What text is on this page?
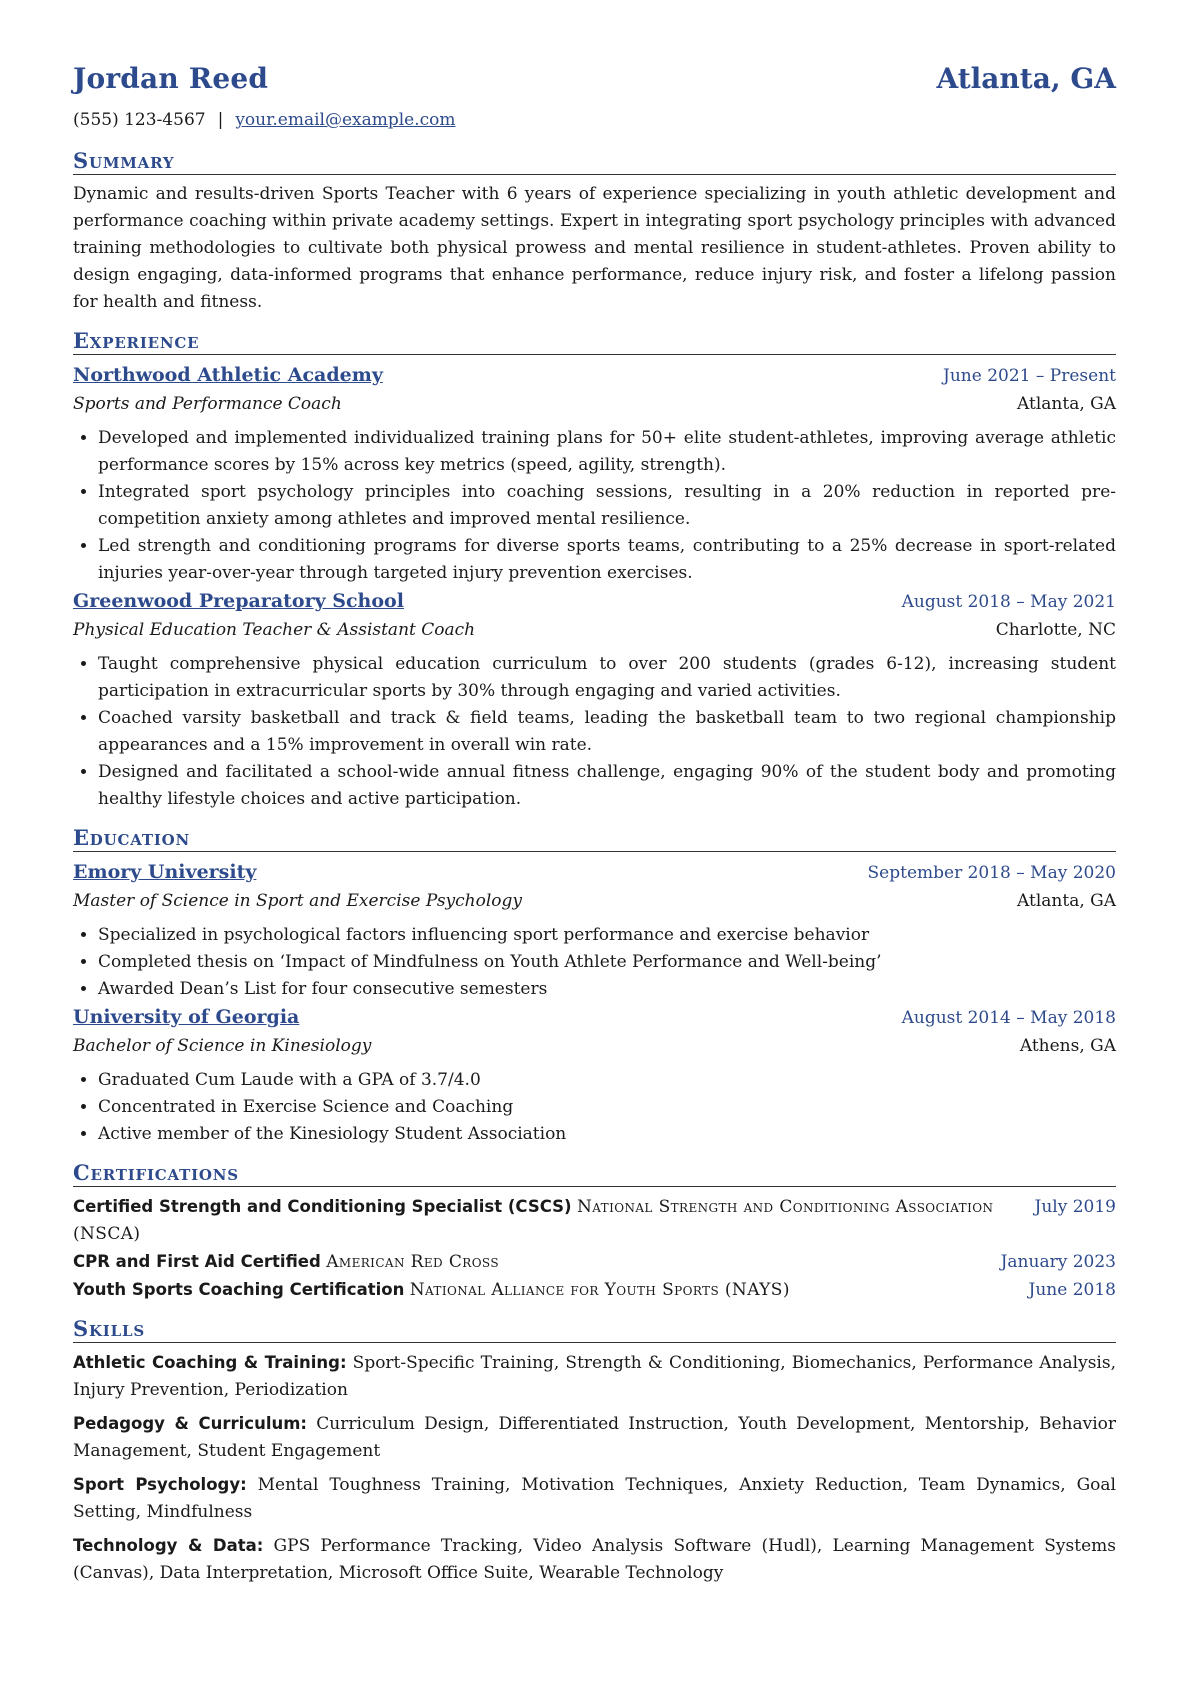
Jordan Reed	Atlanta, GA
(555) 123-4567 | your.email@example.com
Summary

Dynamic and results-driven Sports Teacher with 6 years of experience specializing in youth athletic development and performance coaching within private academy settings. Expert in integrating sport psychology principles with advanced training methodologies to cultivate both physical prowess and mental resilience in student-athletes. Proven ability to design engaging, data-informed programs that enhance performance, reduce injury risk, and foster a lifelong passion for health and fitness.

Experience
Northwood Athletic Academy	June 2021 – Present
Sports and Performance Coach	Atlanta, GA
• Developed and implemented individualized training plans for 50+ elite student-athletes, improving average athletic performance scores by 15% across key metrics (speed, agility, strength).
• Integrated sport psychology principles into coaching sessions, resulting in a 20% reduction in reported pre-competition anxiety among athletes and improved mental resilience.
• Led strength and conditioning programs for diverse sports teams, contributing to a 25% decrease in sport-related injuries year-over-year through targeted injury prevention exercises.
Greenwood Preparatory School	August 2018 – May 2021
Physical Education Teacher & Assistant Coach	Charlotte, NC
• Taught comprehensive physical education curriculum to over 200 students (grades 6-12), increasing student participation in extracurricular sports by 30% through engaging and varied activities.
• Coached varsity basketball and track & field teams, leading the basketball team to two regional championship appearances and a 15% improvement in overall win rate.
• Designed and facilitated a school-wide annual fitness challenge, engaging 90% of the student body and promoting healthy lifestyle choices and active participation.
Education
Emory University	September 2018 – May 2020
Master of Science in Sport and Exercise Psychology	Atlanta, GA
• Specialized in psychological factors influencing sport performance and exercise behavior
• Completed thesis on ‘Impact of Mindfulness on Youth Athlete Performance and Well-being’
• Awarded Dean’s List for four consecutive semesters
University of Georgia	August 2014 – May 2018
Bachelor of Science in Kinesiology	Athens, GA
• Graduated Cum Laude with a GPA of 3.7/4.0
• Concentrated in Exercise Science and Coaching
• Active member of the Kinesiology Student Association
Certifications
Certified Strength and Conditioning Specialist (CSCS) National Strength and Conditioning Association (NSCA)
July 2019
CPR and First Aid Certified American Red Cross	January 2023
Youth Sports Coaching Certification National Alliance for Youth Sports (NAYS)	June 2018
Skills

Athletic Coaching & Training: Sport-Specific Training, Strength & Conditioning, Biomechanics, Performance Analysis, Injury Prevention, Periodization

Pedagogy & Curriculum: Curriculum Design, Differentiated Instruction, Youth Development, Mentorship, Behavior Management, Student Engagement

Sport Psychology: Mental Toughness Training, Motivation Techniques, Anxiety Reduction, Team Dynamics, Goal Setting, Mindfulness

Technology & Data: GPS Performance Tracking, Video Analysis Software (Hudl), Learning Management Systems (Canvas), Data Interpretation, Microsoft Office Suite, Wearable Technology
